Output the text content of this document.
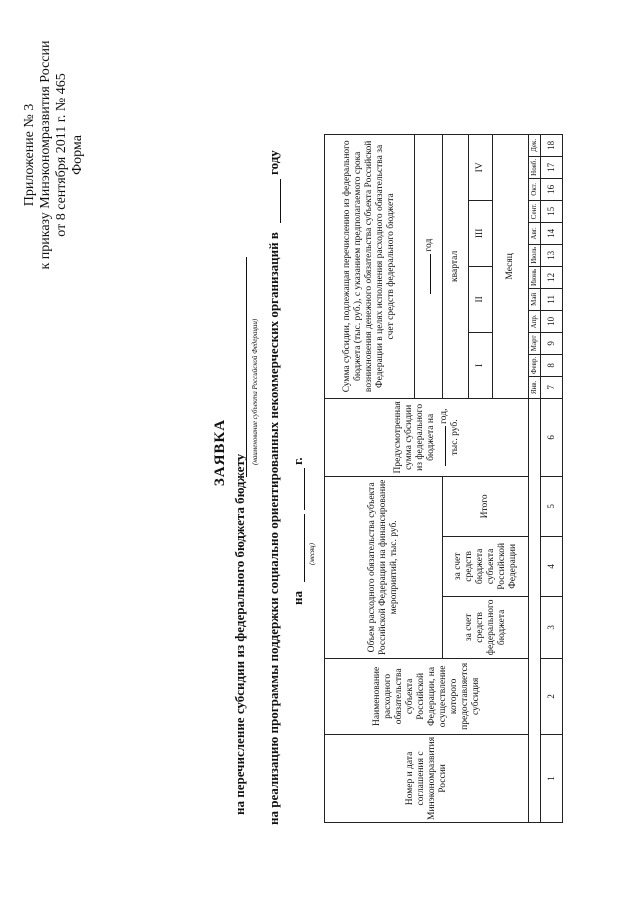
Приложение № 3 к приказу Минэкономразвития России от 8 сентября 2011 г. № 465 Форма
ЗАЯВКА
на перечисление субсидии из федерального бюджета бюджету
(наименование субъекта Российской Федерации) на реализацию программы поддержки социально ориентированных некоммерческих организаций в
году
на
г.
(месяц)
Номер и дата соглашения с Минэкономразвития России	Наименование расходного обязательства субъекта Российской Федерации, на осуществление которого предоставляется субсидия	Объем расходного обязательства субъекта Российской Федерации на финансирование мероприятий, тыс. руб.			Предусмотренная сумма субсидии из федерального бюджета на год, тыс. руб.	Сумма субсидии, подлежащая перечислению из федерального бюджета (тыс. руб.), с указанием предполагаемого срока возникновения денежного обязательства субъекта Российской Федерации в целях исполнения расходного обязательства за счет средств федерального бюджета											
						год											
		за счет средств федерального бюджета	за счет средств бюджета субъекта Российской Федерации	Итого		квартал											
						I			II			III			IV		
						Месяц											
						Янв.	Февр.	Март	Апр.	Май	Июнь	Июль	Авг.	Сент.	Окт.	Нояб.	Дек.
1	2	3	4	5	6	7	8	9	10	11	12	13	14	15	16	17	18
